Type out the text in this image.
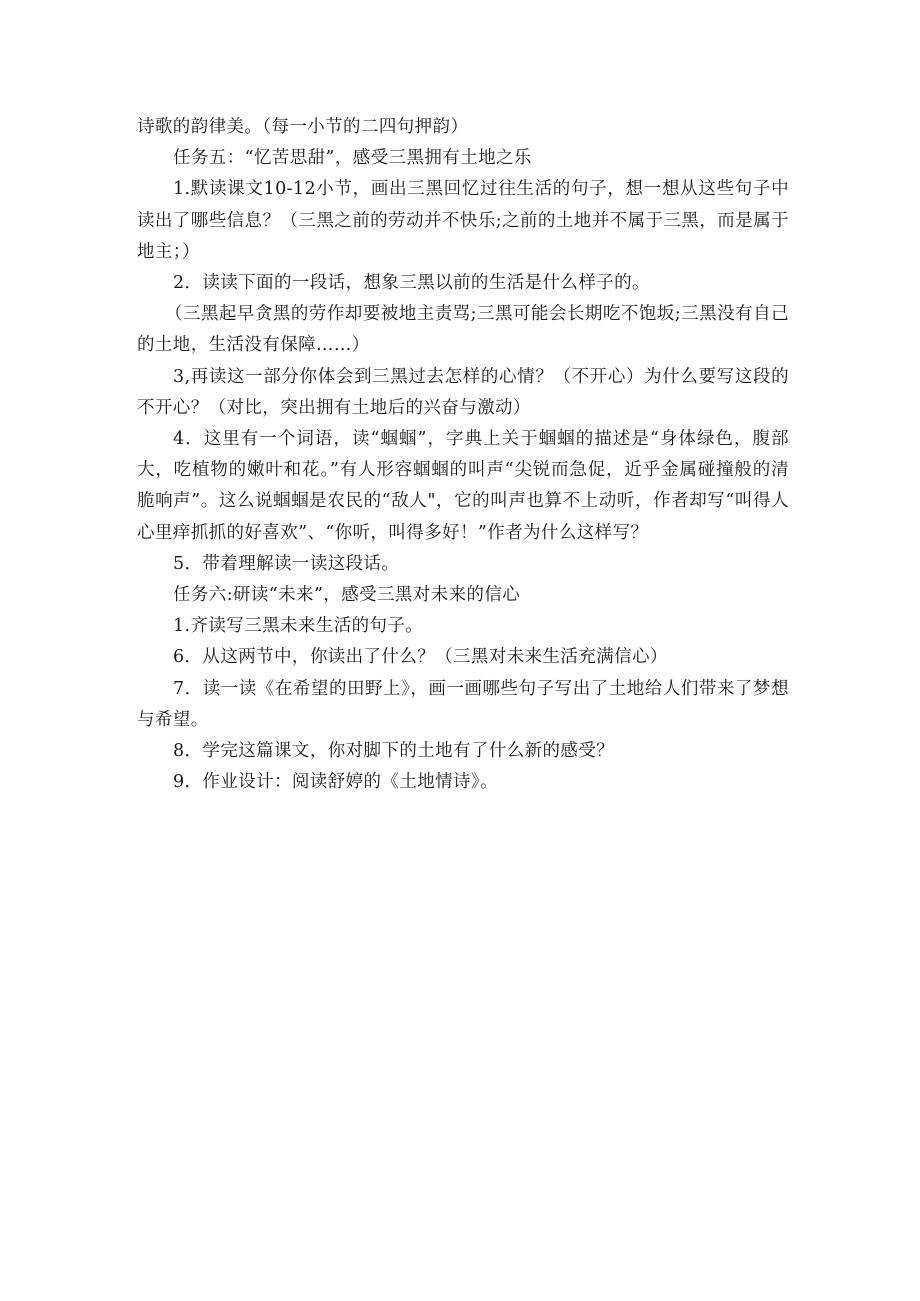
诗歌的韵律美。（每一小节的二四句押韵）

任务五：“忆苦思甜”，感受三黑拥有土地之乐

1.默读课文10-12小节，画出三黑回忆过往生活的句子，想一想从这些句子中读出了哪些信息？（三黑之前的劳动并不快乐;之前的土地并不属于三黑，而是属于地主；）

2．读读下面的一段话，想象三黑以前的生活是什么样子的。

（三黑起早贪黑的劳作却要被地主责骂;三黑可能会长期吃不饱坂;三黑没有自己的土地，生活没有保障……）

3,再读这一部分你体会到三黑过去怎样的心情？（不开心）为什么要写这段的不开心？（对比，突出拥有土地后的兴奋与激动）

4．这里有一个词语，读“蝈蝈”，字典上关于蝈蝈的描述是“身体绿色，腹部大，吃植物的嫩叶和花。”有人形容蝈蝈的叫声“尖锐而急促，近乎金属碰撞般的清脆响声”。这么说蝈蝈是农民的“敌人"，它的叫声也算不上动听，作者却写“叫得人心里痒抓抓的好喜欢”、“你听，叫得多好！”作者为什么这样写？

5．带着理解读一读这段话。

任务六:研读“未来”，感受三黑对未来的信心

1.齐读写三黑未来生活的句子。

6．从这两节中，你读出了什么？（三黑对未来生活充满信心）

7．读一读《在希望的田野上》，画一画哪些句子写出了土地给人们带来了梦想与希望。

8．学完这篇课文，你对脚下的土地有了什么新的感受？

9．作业设计：阅读舒婷的《土地情诗》。
